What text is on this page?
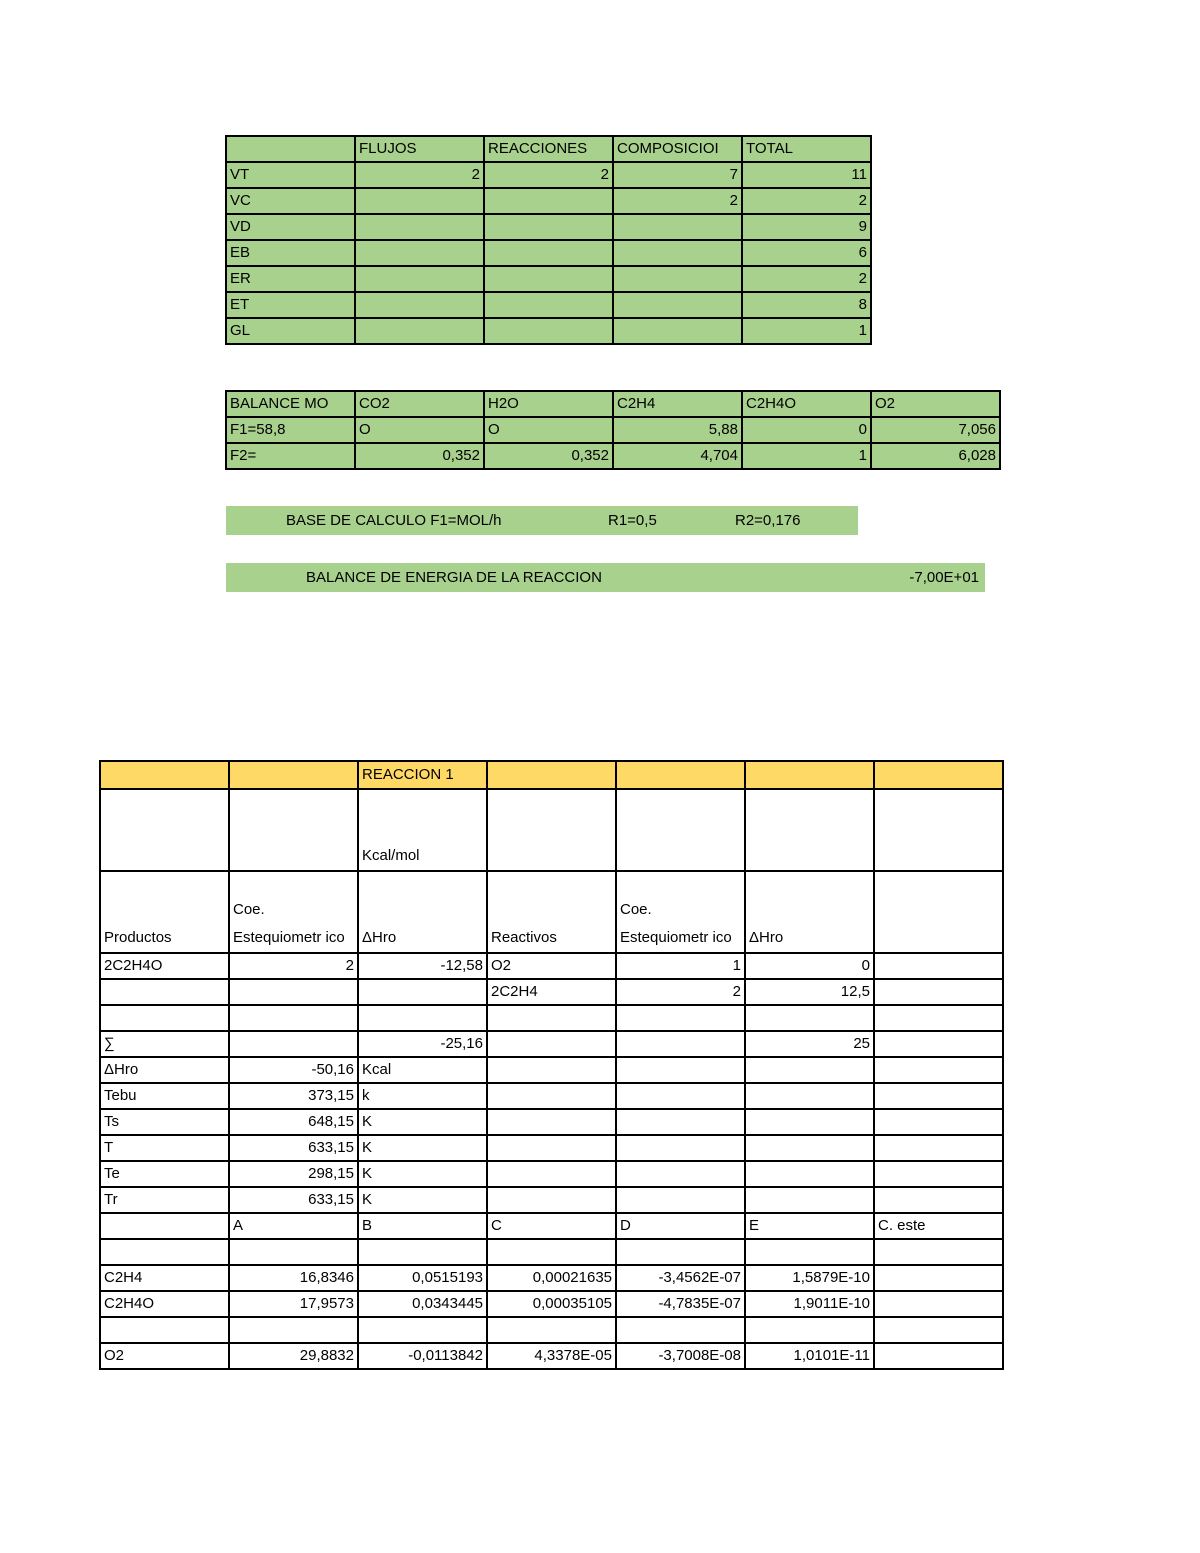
	FLUJOS	REACCIONES	COMPOSICIOI	TOTAL
VT	2	2	7	11
VC			2	2
VD				9
EB				6
ER				2
ET				8
GL				1
BALANCE MO	CO2	H2O	C2H4	C2H4O	O2
F1=58,8	O	O	5,88	0	7,056
F2=	0,352	0,352	4,704	1	6,028
BASE DE CALCULO F1=MOL/h	R1=0,5	R2=0,176
BALANCE DE ENERGIA DE LA REACCION	-7,00E+01
		REACCION 1				
		Kcal/mol				
Productos	Coe. Estequiometr ico	ΔHro	Reactivos	Coe. Estequiometr ico	ΔHro	
2C2H4O	2	-12,58	O2	1	0	
			2C2H4	2	12,5	

∑		-25,16			25	
ΔHro	-50,16	Kcal				
Tebu	373,15	k				
Ts	648,15	K				
T	633,15	K				
Te	298,15	K				
Tr	633,15	K				
	A	B	C	D	E	C. este

C2H4	16,8346	0,0515193	0,00021635	-3,4562E-07	1,5879E-10	
C2H4O	17,9573	0,0343445	0,00035105	-4,7835E-07	1,9011E-10	

O2	29,8832	-0,0113842	4,3378E-05	-3,7008E-08	1,0101E-11	
